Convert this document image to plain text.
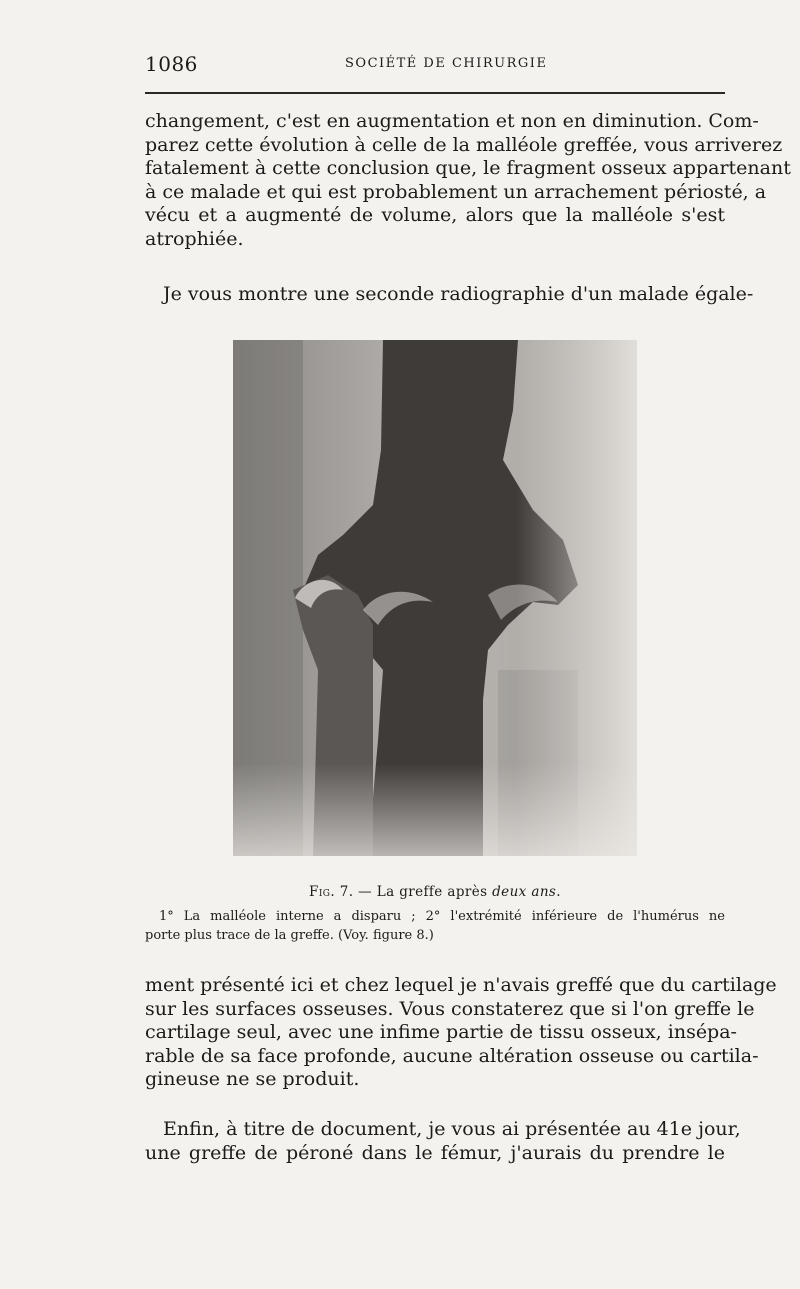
1086	SOCIÉTÉ DE CHIRURGIE
changement, c'est en augmentation et non en diminution. Com-
parez cette évolution à celle de la malléole greffée, vous arriverez
fatalement à cette conclusion que, le fragment osseux appartenant
à ce malade et qui est probablement un arrachement périosté, a
vécu et a augmenté de volume, alors que la malléole s'est
atrophiée.
Je vous montre une seconde radiographie d'un malade égale-

Fig. 7. — La greffe après deux ans.

1° La malléole interne a disparu ; 2° l'extrémité inférieure de l'humérus ne
porte plus trace de la greffe. (Voy. figure 8.)

ment présenté ici et chez lequel je n'avais greffé que du cartilage
sur les surfaces osseuses. Vous constaterez que si l'on greffe le
cartilage seul, avec une infime partie de tissu osseux, insépa-
rable de sa face profonde, aucune altération osseuse ou cartila-
gineuse ne se produit.
Enfin, à titre de document, je vous ai présentée au 41e jour,
une greffe de péroné dans le fémur, j'aurais du prendre le
